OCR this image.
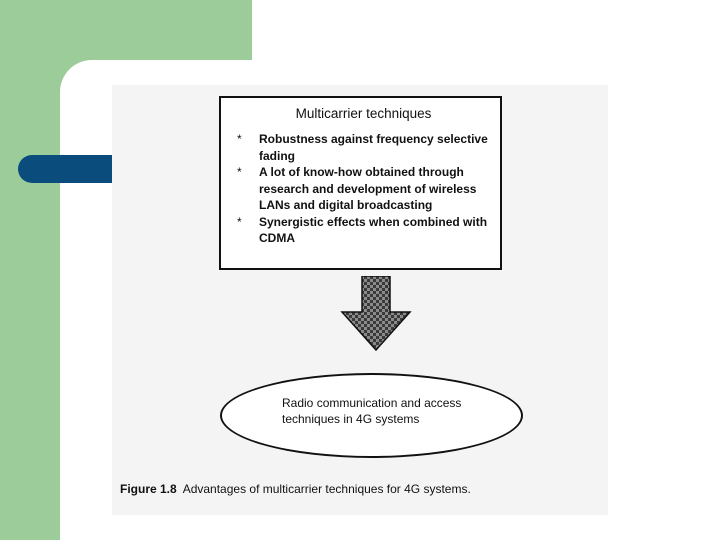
Multicarrier techniques
* Robustness against frequency selective fading
* A lot of know-how obtained through research and development of wireless LANs and digital broadcasting
* Synergistic effects when combined with CDMA
Radio communication and access techniques in 4G systems
Figure 1.8 Advantages of multicarrier techniques for 4G systems.
